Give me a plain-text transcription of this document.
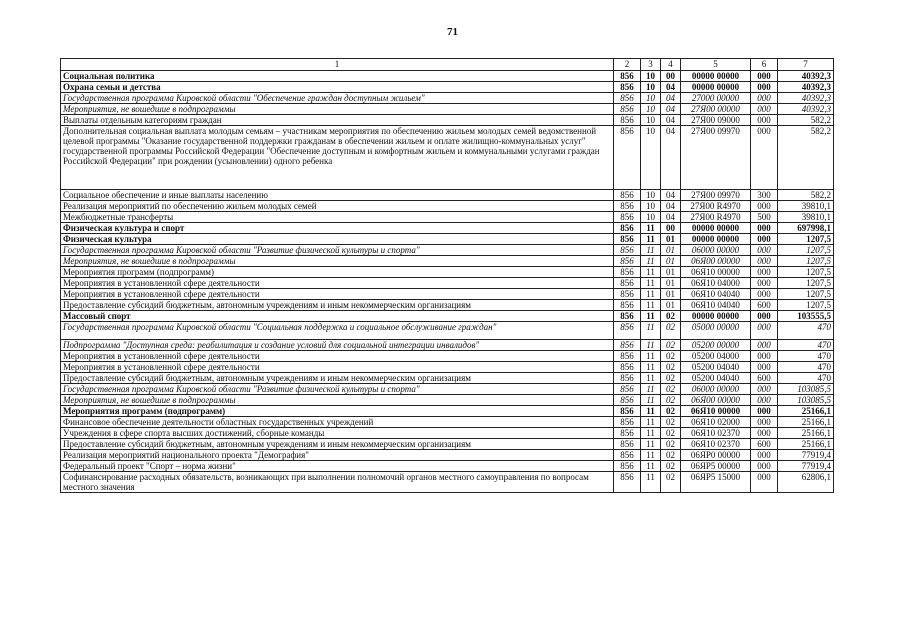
71
1	2	3	4	5	6	7
Социальная политика	856	10	00	00000 00000	000	40392,3
Охрана семьи и детства	856	10	04	00000 00000	000	40392,3
Государственная программа Кировской области "Обеспечение граждан доступным жильем"	856	10	04	27000 00000	000	40392,3
Мероприятия, не вошедшие в подпрограммы	856	10	04	27Я00 00000	000	40392,3
Выплаты отдельным категориям граждан	856	10	04	27Я00 09000	000	582,2
Дополнительная социальная выплата молодым семьям – участникам мероприятия по обеспечению жильем молодых семей ведомственной целевой программы "Оказание государственной поддержки гражданам в обеспечении жильем и оплате жилищно-коммунальных услуг" государственной программы Российской Федерации "Обеспечение доступным и комфортным жильем и коммунальными услугами граждан Российской Федерации" при рождении (усыновлении) одного ребенка	856	10	04	27Я00 09970	000	582,2
Социальное обеспечение и иные выплаты населению	856	10	04	27Я00 09970	300	582,2
Реализация мероприятий по обеспечению жильем молодых семей	856	10	04	27Я00 R4970	000	39810,1
Межбюджетные трансферты	856	10	04	27Я00 R4970	500	39810,1
Физическая культура и спорт	856	11	00	00000 00000	000	697998,1
Физическая культура	856	11	01	00000 00000	000	1207,5
Государственная программа Кировской области "Развитие физической культуры и спорта"	856	11	01	06000 00000	000	1207,5
Мероприятия, не вошедшие в подпрограммы	856	11	01	06Я00 00000	000	1207,5
Мероприятия программ (подпрограмм)	856	11	01	06Я10 00000	000	1207,5
Мероприятия в установленной сфере деятельности	856	11	01	06Я10 04000	000	1207,5
Мероприятия в установленной сфере деятельности	856	11	01	06Я10 04040	000	1207,5
Предоставление субсидий бюджетным, автономным учреждениям и иным некоммерческим организациям	856	11	01	06Я10 04040	600	1207,5
Массовый спорт	856	11	02	00000 00000	000	103555,5
Государственная программа Кировской области "Социальная поддержка и социальное обслуживание граждан"	856	11	02	05000 00000	000	470
Подпрограмма "Доступная среда: реабилитация и создание условий для социальной интеграции инвалидов"	856	11	02	05200 00000	000	470
Мероприятия в установленной сфере деятельности	856	11	02	05200 04000	000	470
Мероприятия в установленной сфере деятельности	856	11	02	05200 04040	000	470
Предоставление субсидий бюджетным, автономным учреждениям и иным некоммерческим организациям	856	11	02	05200 04040	600	470
Государственная программа Кировской области "Развитие физической культуры и спорта"	856	11	02	06000 00000	000	103085,5
Мероприятия, не вошедшие в подпрограммы	856	11	02	06Я00 00000	000	103085,5
Мероприятия программ (подпрограмм)	856	11	02	06Я10 00000	000	25166,1
Финансовое обеспечение деятельности областных государственных учреждений	856	11	02	06Я10 02000	000	25166,1
Учреждения в сфере спорта высших достижений, сборные команды	856	11	02	06Я10 02370	000	25166,1
Предоставление субсидий бюджетным, автономным учреждениям и иным некоммерческим организациям	856	11	02	06Я10 02370	600	25166,1
Реализация мероприятий национального проекта "Демография"	856	11	02	06ЯР0 00000	000	77919,4
Федеральный проект "Спорт – норма жизни"	856	11	02	06ЯР5 00000	000	77919,4
Софинансирование расходных обязательств, возникающих при выполнении полномочий органов местного самоуправления по вопросам местного значения	856	11	02	06ЯР5 15000	000	62806,1
